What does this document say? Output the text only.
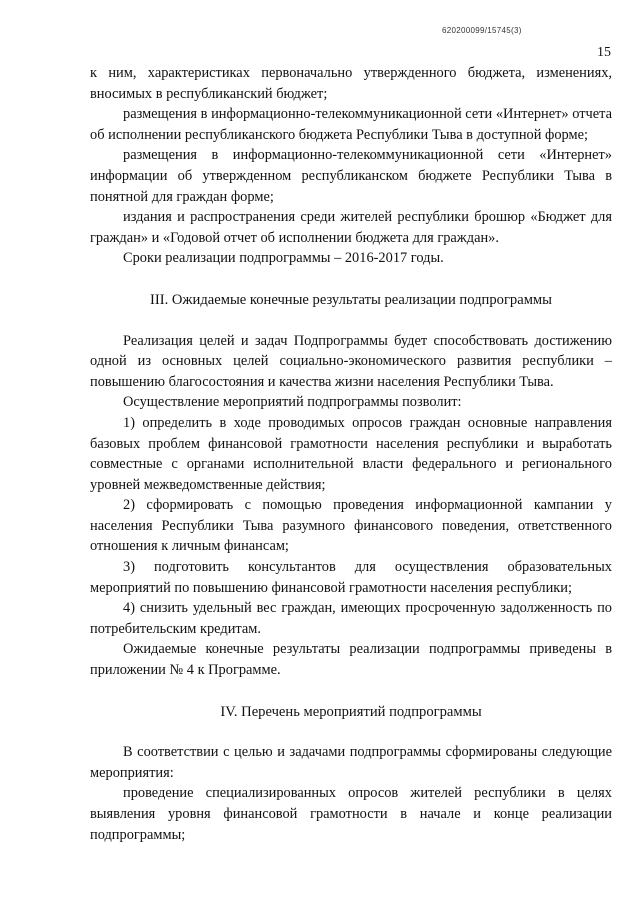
620200099/15745(3)
15

к ним, характеристиках первоначально утвержденного бюджета, изменениях, вносимых в республиканский бюджет;

размещения в информационно-телекоммуникационной сети «Интернет» отчета об исполнении республиканского бюджета Республики Тыва в доступной форме;

размещения в информационно-телекоммуникационной сети «Интернет» информации об утвержденном республиканском бюджете Республики Тыва в понятной для граждан форме;

издания и распространения среди жителей республики брошюр «Бюджет для граждан» и «Годовой отчет об исполнении бюджета для граждан».

Сроки реализации подпрограммы – 2016-2017 годы.

III. Ожидаемые конечные результаты реализации подпрограммы

Реализация целей и задач Подпрограммы будет способствовать достижению одной из основных целей социально-экономического развития республики – повышению благосостояния и качества жизни населения Республики Тыва.

Осуществление мероприятий подпрограммы позволит:

1) определить в ходе проводимых опросов граждан основные направления базовых проблем финансовой грамотности населения республики и выработать совместные с органами исполнительной власти федерального и регионального уровней межведомственные действия;

2) сформировать с помощью проведения информационной кампании у населения Республики Тыва разумного финансового поведения, ответственного отношения к личным финансам;

3) подготовить консультантов для осуществления образовательных мероприятий по повышению финансовой грамотности населения республики;

4) снизить удельный вес граждан, имеющих просроченную задолженность по потребительским кредитам.

Ожидаемые конечные результаты реализации подпрограммы приведены в приложении № 4 к Программе.

IV. Перечень мероприятий подпрограммы

В соответствии с целью и задачами подпрограммы сформированы следующие мероприятия:

проведение специализированных опросов жителей республики в целях выявления уровня финансовой грамотности в начале и конце реализации подпрограммы;
